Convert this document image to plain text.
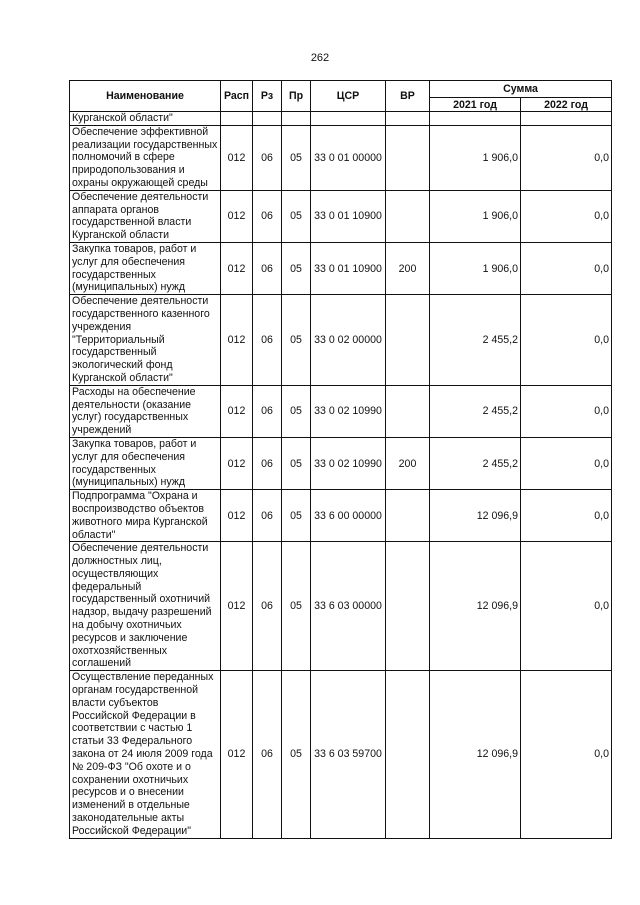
262
Наименование	Расп	Рз	Пр	ЦСР	ВР	Сумма	
						2021 год	2022 год
Курганской области"							
Обеспечение эффективной реализации государственных полномочий в сфере природопользования и охраны окружающей среды	012	06	05	33 0 01 00000		1 906,0	0,0
Обеспечение деятельности аппарата органов государственной власти Курганской области	012	06	05	33 0 01 10900		1 906,0	0,0
Закупка товаров, работ и услуг для обеспечения государственных (муниципальных) нужд	012	06	05	33 0 01 10900	200	1 906,0	0,0
Обеспечение деятельности государственного казенного учреждения "Территориальный государственный экологический фонд Курганской области"	012	06	05	33 0 02 00000		2 455,2	0,0
Расходы на обеспечение деятельности (оказание услуг) государственных учреждений	012	06	05	33 0 02 10990		2 455,2	0,0
Закупка товаров, работ и услуг для обеспечения государственных (муниципальных) нужд	012	06	05	33 0 02 10990	200	2 455,2	0,0
Подпрограмма "Охрана и воспроизводство объектов животного мира Курганской области"	012	06	05	33 6 00 00000		12 096,9	0,0
Обеспечение деятельности должностных лиц, осуществляющих федеральный государственный охотничий надзор, выдачу разрешений на добычу охотничьих ресурсов и заключение охотхозяйственных соглашений	012	06	05	33 6 03 00000		12 096,9	0,0
Осуществление переданных органам государственной власти субъектов Российской Федерации в соответствии с частью 1 статьи 33 Федерального закона от 24 июля 2009 года № 209-ФЗ "Об охоте и о сохранении охотничьих ресурсов и о внесении изменений в отдельные законодательные акты Российской Федерации"	012	06	05	33 6 03 59700		12 096,9	0,0
